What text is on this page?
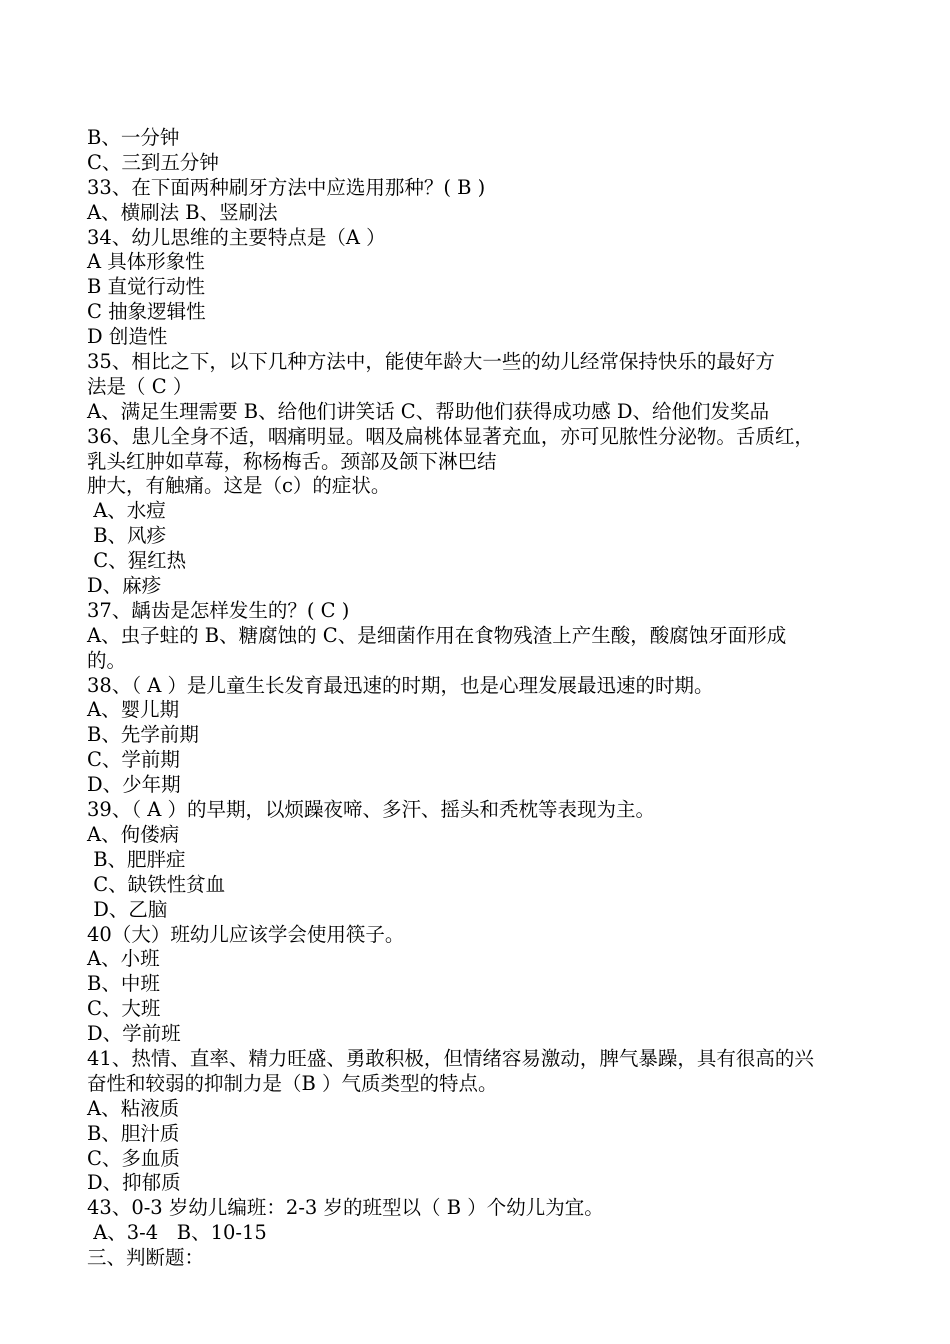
B、一分钟
C、三到五分钟
33、在下面两种刷牙方法中应选用那种？( B )
A、横刷法 B、竖刷法
34、幼儿思维的主要特点是（A ）
A 具体形象性
B 直觉行动性
C 抽象逻辑性
D 创造性
35、相比之下，以下几种方法中，能使年龄大一些的幼儿经常保持快乐的最好方
法是（ C ）
A、满足生理需要 B、给他们讲笑话 C、帮助他们获得成功感 D、给他们发奖品
36、患儿全身不适，咽痛明显。咽及扁桃体显著充血，亦可见脓性分泌物。舌质红，
乳头红肿如草莓，称杨梅舌。颈部及颌下淋巴结
肿大，有触痛。这是（c）的症状。
A、水痘
B、风疹
C、猩红热
D、麻疹
37、龋齿是怎样发生的？( C )
A、虫子蛀的 B、糖腐蚀的 C、是细菌作用在食物残渣上产生酸，酸腐蚀牙面形成
的。
38、（ A ）是儿童生长发育最迅速的时期，也是心理发展最迅速的时期。
A、婴儿期
B、先学前期
C、学前期
D、少年期
39、（ A ）的早期，以烦躁夜啼、多汗、摇头和秃枕等表现为主。
A、佝偻病
B、肥胖症
C、缺铁性贫血
D、乙脑
40（大）班幼儿应该学会使用筷子。
A、小班
B、中班
C、大班
D、学前班
41、热情、直率、精力旺盛、勇敢积极，但情绪容易激动，脾气暴躁，具有很高的兴
奋性和较弱的抑制力是（B ）气质类型的特点。
A、粘液质
B、胆汁质
C、多血质
D、抑郁质
43、0-3 岁幼儿编班：2-3 岁的班型以（ B ）个幼儿为宜。
A、3-4   B、10-15
三、判断题：
